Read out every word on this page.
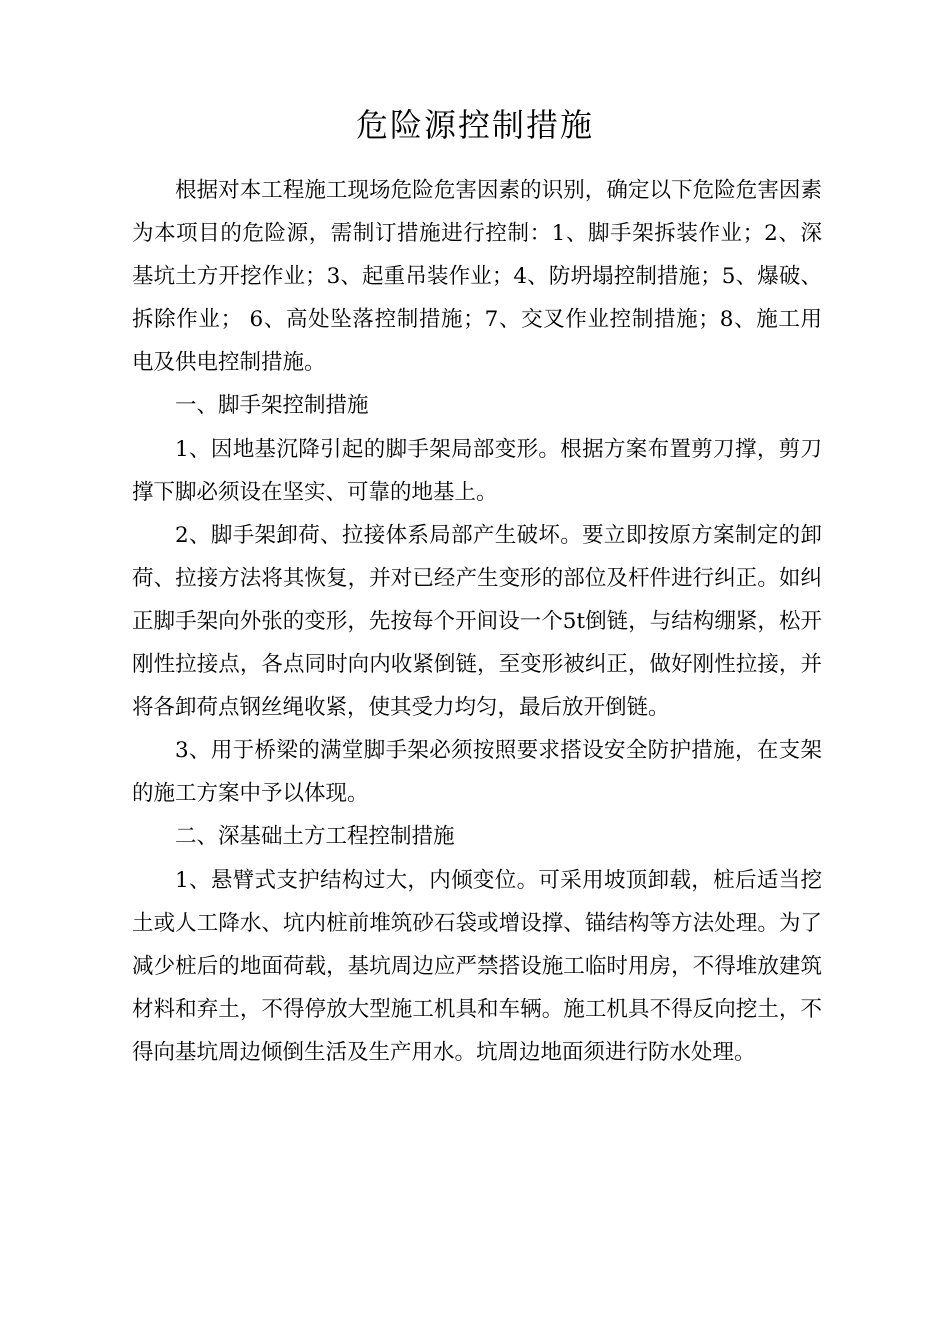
危险源控制措施

根据对本工程施工现场危险危害因素的识别，确定以下危险危害因素为本项目的危险源，需制订措施进行控制：1、脚手架拆装作业；2、深基坑土方开挖作业；3、起重吊装作业；4、防坍塌控制措施；5、爆破、拆除作业； 6、高处坠落控制措施；7、交叉作业控制措施；8、施工用电及供电控制措施。

一、脚手架控制措施

1、因地基沉降引起的脚手架局部变形。根据方案布置剪刀撑，剪刀撑下脚必须设在坚实、可靠的地基上。

2、脚手架卸荷、拉接体系局部产生破坏。要立即按原方案制定的卸荷、拉接方法将其恢复，并对已经产生变形的部位及杆件进行纠正。如纠正脚手架向外张的变形，先按每个开间设一个5t倒链，与结构绷紧，松开刚性拉接点，各点同时向内收紧倒链，至变形被纠正，做好刚性拉接，并将各卸荷点钢丝绳收紧，使其受力均匀，最后放开倒链。

3、用于桥梁的满堂脚手架必须按照要求搭设安全防护措施，在支架的施工方案中予以体现。

二、深基础土方工程控制措施

1、悬臂式支护结构过大，内倾变位。可采用坡顶卸载，桩后适当挖土或人工降水、坑内桩前堆筑砂石袋或增设撑、锚结构等方法处理。为了减少桩后的地面荷载，基坑周边应严禁搭设施工临时用房，不得堆放建筑材料和弃土，不得停放大型施工机具和车辆。施工机具不得反向挖土，不得向基坑周边倾倒生活及生产用水。坑周边地面须进行防水处理。
